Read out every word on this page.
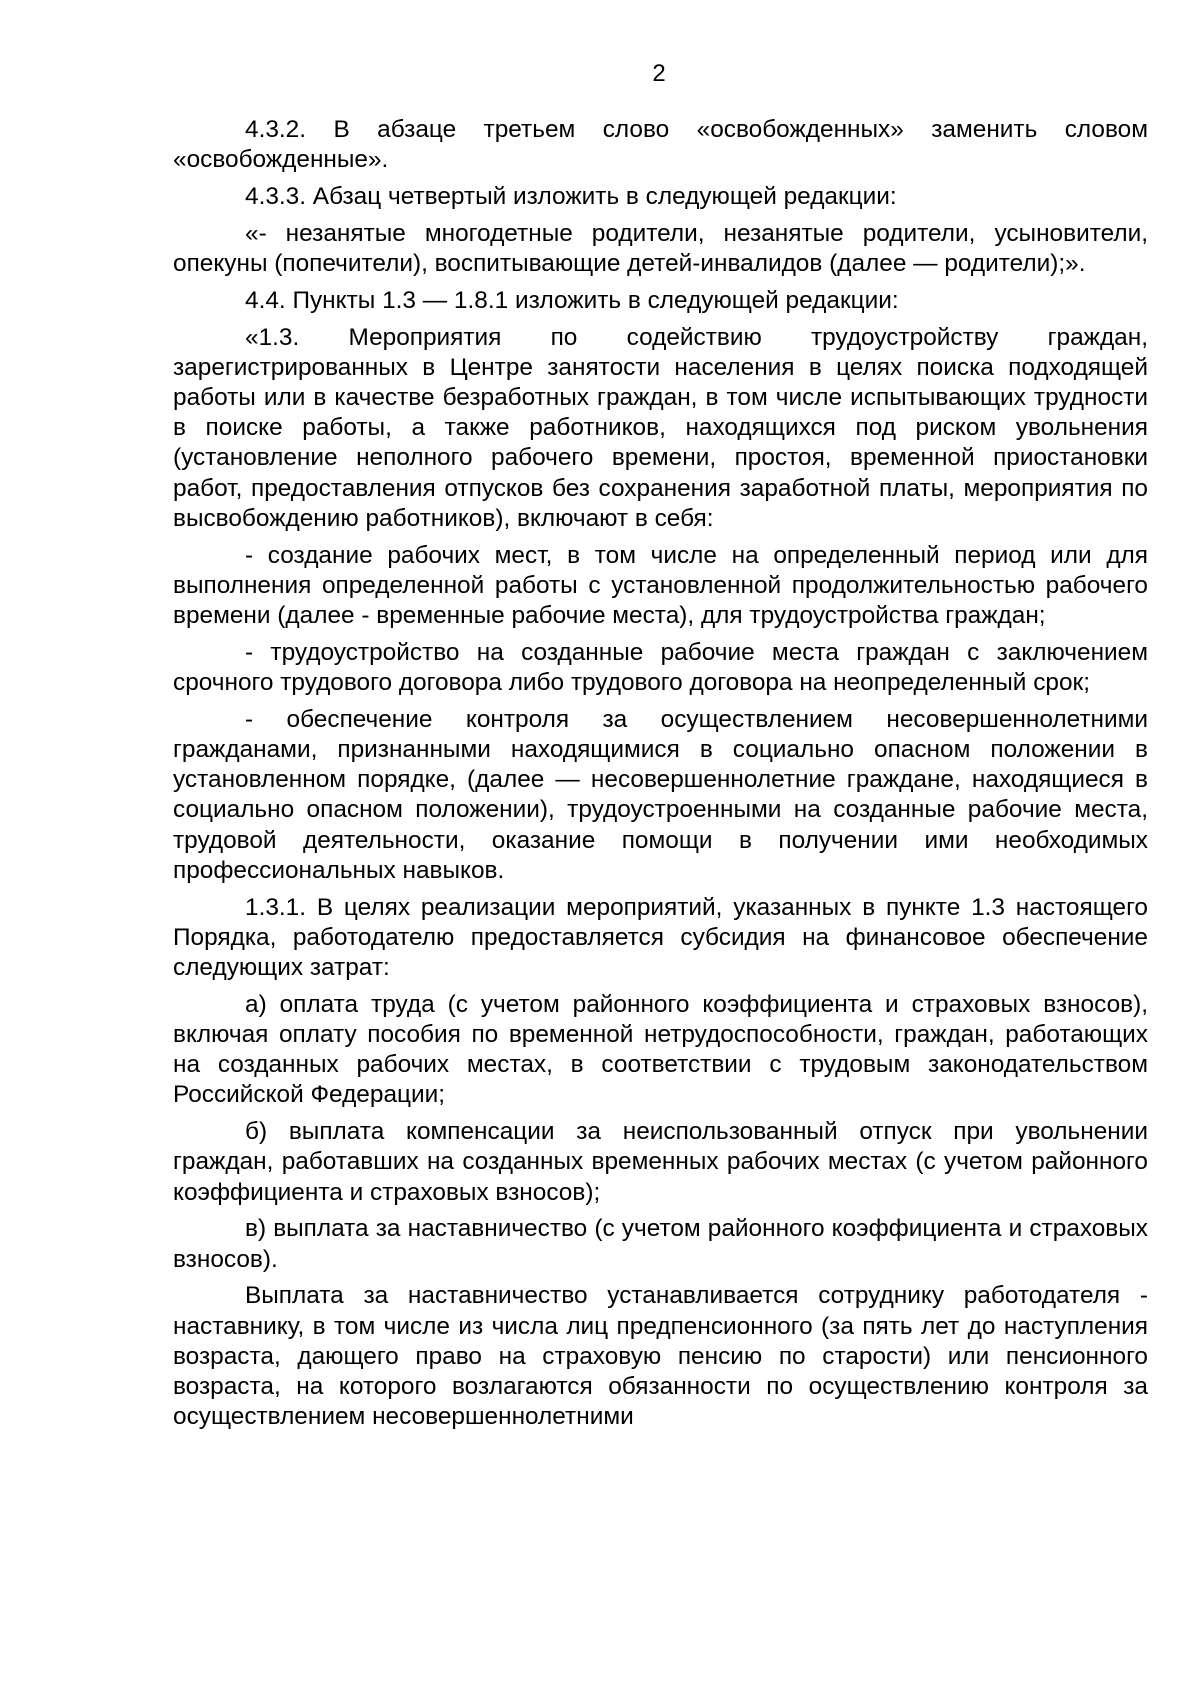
2

4.3.2. В абзаце третьем слово «освобожденных» заменить словом «освобожденные».

4.3.3. Абзац четвертый изложить в следующей редакции:

«- незанятые многодетные родители, незанятые родители, усыновители, опекуны (попечители), воспитывающие детей-инвалидов (далее — родители);».

4.4. Пункты 1.3 — 1.8.1 изложить в следующей редакции:

«1.3. Мероприятия по содействию трудоустройству граждан, зарегистрированных в Центре занятости населения в целях поиска подходящей работы или в качестве безработных граждан, в том числе испытывающих трудности в поиске работы, а также работников, находящихся под риском увольнения (установление неполного рабочего времени, простоя, временной приостановки работ, предоставления отпусков без сохранения заработной платы, мероприятия по высвобождению работников), включают в себя:

- создание рабочих мест, в том числе на определенный период или для выполнения определенной работы с установленной продолжительностью рабочего времени (далее - временные рабочие места), для трудоустройства граждан;

- трудоустройство на созданные рабочие места граждан с заключением срочного трудового договора либо трудового договора на неопределенный срок;

- обеспечение контроля за осуществлением несовершеннолетними гражданами, признанными находящимися в социально опасном положении в установленном порядке, (далее — несовершеннолетние граждане, находящиеся в социально опасном положении), трудоустроенными на созданные рабочие места, трудовой деятельности, оказание помощи в получении ими необходимых профессиональных навыков.

1.3.1. В целях реализации мероприятий, указанных в пункте 1.3 настоящего Порядка, работодателю предоставляется субсидия на финансовое обеспечение следующих затрат:

а) оплата труда (с учетом районного коэффициента и страховых взносов), включая оплату пособия по временной нетрудоспособности, граждан, работающих на созданных рабочих местах, в соответствии с трудовым законодательством Российской Федерации;

б) выплата компенсации за неиспользованный отпуск при увольнении граждан, работавших на созданных временных рабочих местах (с учетом районного коэффициента и страховых взносов);

в) выплата за наставничество (с учетом районного коэффициента и страховых взносов).

Выплата за наставничество устанавливается сотруднику работодателя - наставнику, в том числе из числа лиц предпенсионного (за пять лет до наступления возраста, дающего право на страховую пенсию по старости) или пенсионного возраста, на которого возлагаются обязанности по осуществлению контроля за осуществлением несовершеннолетними
